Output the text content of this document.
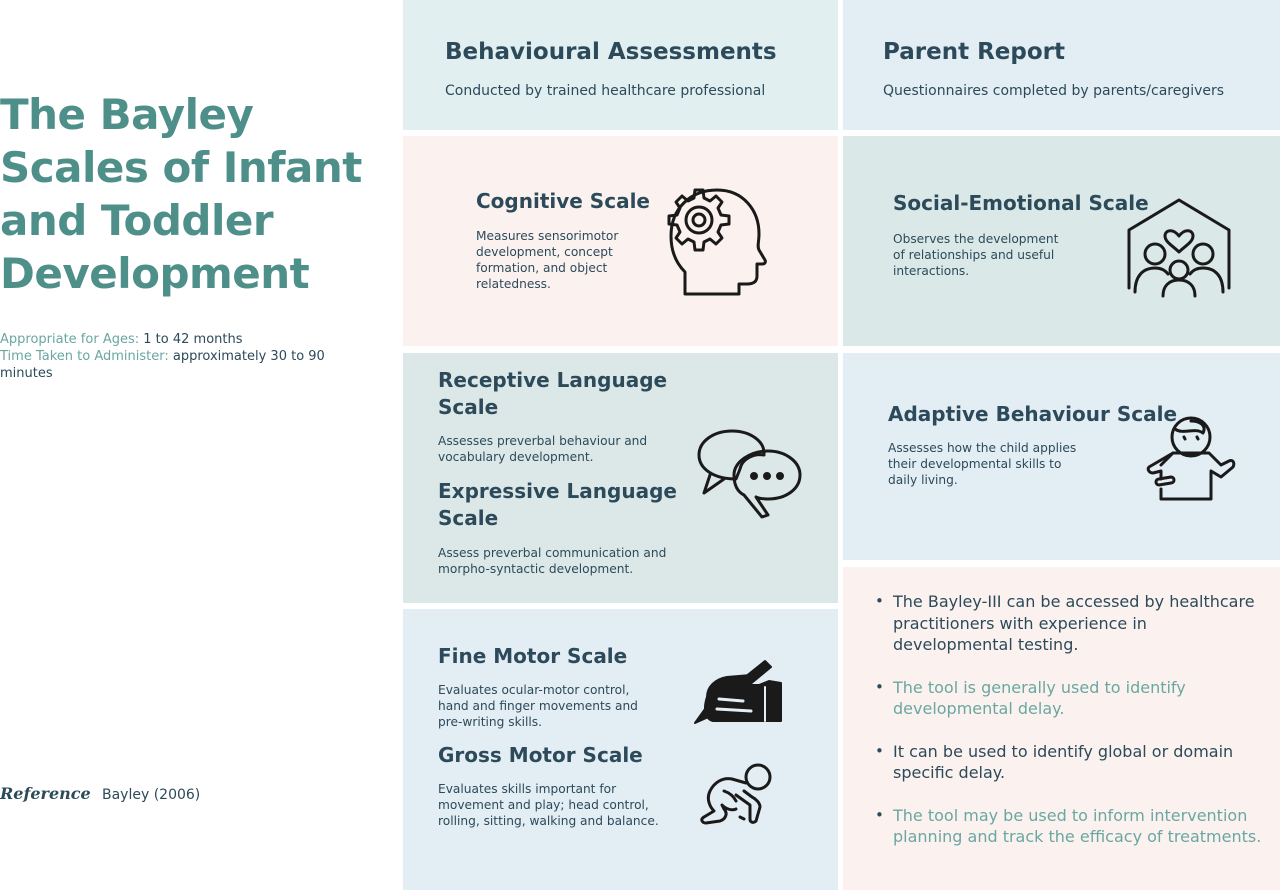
The Bayley Scales of Infant and Toddler Development
Appropriate for Ages: 1 to 42 months
Time Taken to Administer: approximately 30 to 90 minutes
Reference Bayley (2006)
Behavioural Assessments
Conducted by trained healthcare professional
Parent Report
Questionnaires completed by parents/caregivers
Cognitive Scale
Measures sensorimotor development, concept formation, and object relatedness.
Social-Emotional Scale
Observes the development of relationships and useful interactions.
Receptive Language Scale
Assesses preverbal behaviour and vocabulary development.
Expressive Language Scale
Assess preverbal communication and morpho-syntactic development.
Adaptive Behaviour Scale
Assesses how the child applies their developmental skills to daily living.
Fine Motor Scale
Evaluates ocular-motor control, hand and finger movements and pre-writing skills.
Gross Motor Scale
Evaluates skills important for movement and play; head control, rolling, sitting, walking and balance.
• The Bayley-III can be accessed by healthcare practitioners with experience in developmental testing.
• The tool is generally used to identify developmental delay.
• It can be used to identify global or domain specific delay.
• The tool may be used to inform intervention planning and track the efficacy of treatments.
